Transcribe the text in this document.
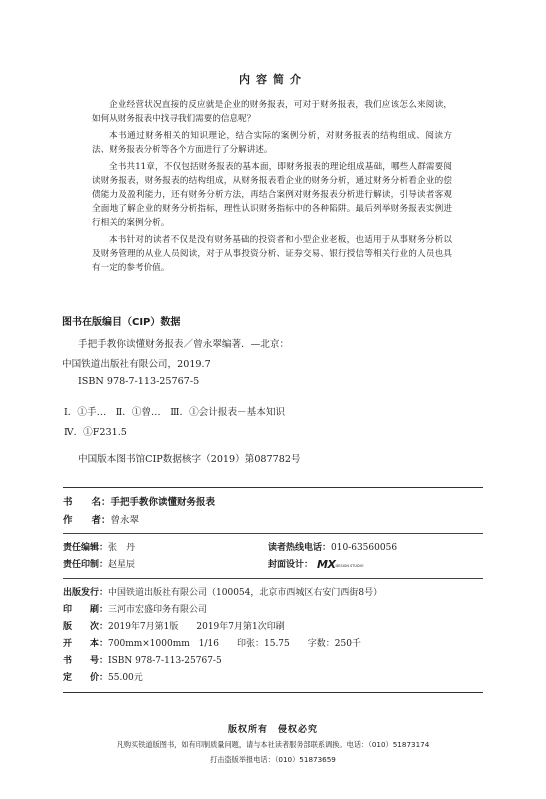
内容简介

企业经营状况直接的反应就是企业的财务报表，可对于财务报表，我们应该怎么来阅读，如何从财务报表中找寻我们需要的信息呢？

本书通过财务相关的知识理论，结合实际的案例分析，对财务报表的结构组成、阅读方法、财务报表分析等各个方面进行了分解讲述。

全书共11章，不仅包括财务报表的基本面，即财务报表的理论组成基础，哪些人群需要阅读财务报表，财务报表的结构组成，从财务报表看企业的财务分析，通过财务分析看企业的偿债能力及盈利能力，还有财务分析方法，再结合案例对财务报表分析进行解读，引导读者客观全面地了解企业的财务分析指标，理性认识财务指标中的各种陷阱。最后列举财务报表实例进行相关的案例分析。

本书针对的读者不仅是没有财务基础的投资者和小型企业老板，也适用于从事财务分析以及财务管理的从业人员阅读，对于从事投资分析、证券交易、银行授信等相关行业的人员也具有一定的参考价值。

图书在版编目（CIP）数据
手把手教你读懂财务报表／曾永翠编著．—北京：
中国铁道出版社有限公司，2019.7
ISBN 978-7-113-25767-5
Ⅰ．①手…　Ⅱ．①曾…　Ⅲ．①会计报表－基本知识
Ⅳ．①F231.5
中国版本图书馆CIP数据核字（2019）第087782号
书　　名：手把手教你读懂财务报表
作　　者：曾永翠
责任编辑：张　丹	读者热线电话：010-63560056
责任印制：赵星辰	封面设计： MXDESIGN STUDIO
出版发行：中国铁道出版社有限公司（100054，北京市西城区右安门西街8号）
印　　刷：三河市宏盛印务有限公司
版　　次：2019年7月第1版　　2019年7月第1次印刷
开　　本：700mm×1000mm　1/16　　印张：15.75　　字数：250千
书　　号：ISBN 978-7-113-25767-5
定　　价：55.00元
版权所有　侵权必究
凡购买铁道版图书，如有印制质量问题，请与本社读者服务部联系调换。电话：（010）51873174
打击盗版举报电话：（010）51873659
